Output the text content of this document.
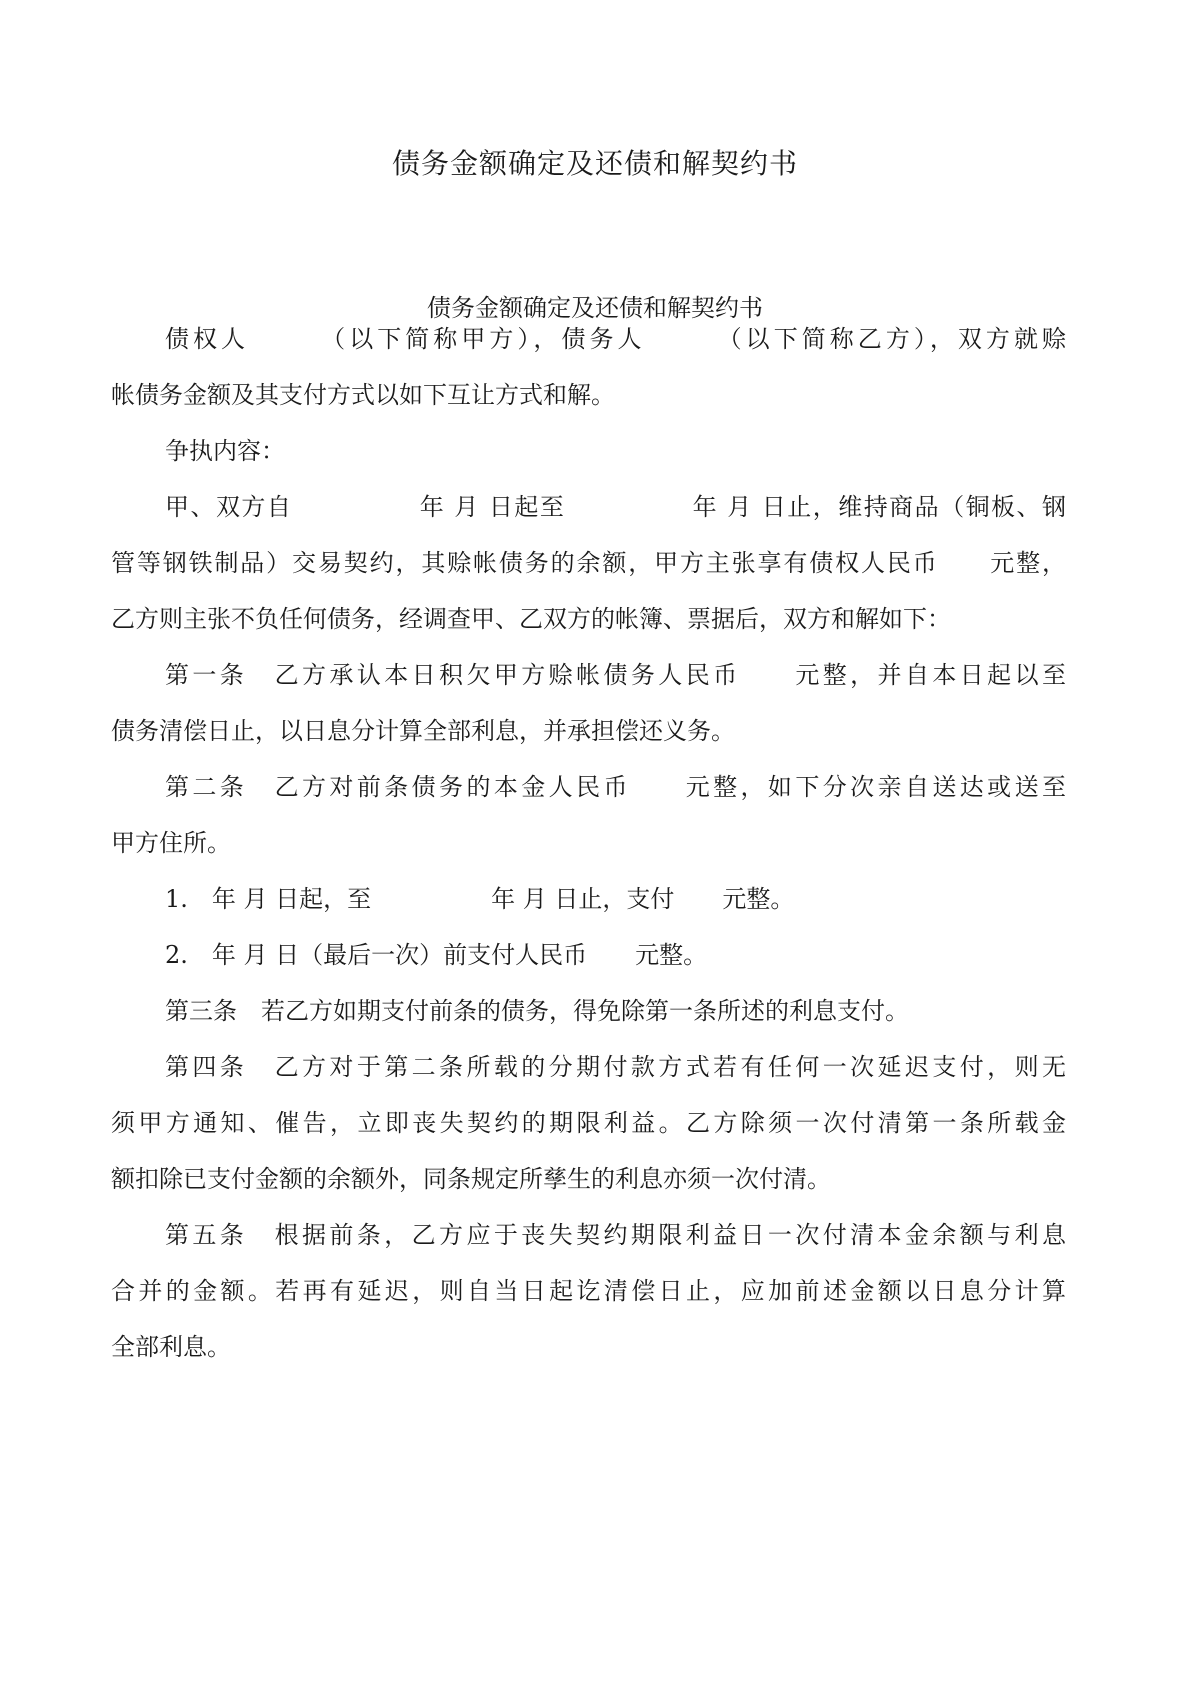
债务金额确定及还债和解契约书
债务金额确定及还债和解契约书
债权人　　　（以下简称甲方），债务人　　　（以下简称乙方），双方就赊
帐债务金额及其支付方式以如下互让方式和解。
争执内容：
甲、双方自　　　　　年 月 日起至　　　　　年 月 日止，维持商品（铜板、钢
管等钢铁制品）交易契约，其赊帐债务的余额，甲方主张享有债权人民币　　元整，
乙方则主张不负任何债务，经调查甲、乙双方的帐簿、票据后，双方和解如下：
第一条　乙方承认本日积欠甲方赊帐债务人民币　　元整，并自本日起以至
债务清偿日止，以日息分计算全部利息，并承担偿还义务。
第二条　乙方对前条债务的本金人民币　　元整，如下分次亲自送达或送至
甲方住所。
1.　年 月 日起，至　　　　　年 月 日止，支付　　元整。
2.　年 月 日（最后一次）前支付人民币　　元整。
第三条　若乙方如期支付前条的债务，得免除第一条所述的利息支付。
第四条　乙方对于第二条所载的分期付款方式若有任何一次延迟支付，则无
须甲方通知、催告，立即丧失契约的期限利益。乙方除须一次付清第一条所载金
额扣除已支付金额的余额外，同条规定所孳生的利息亦须一次付清。
第五条　根据前条，乙方应于丧失契约期限利益日一次付清本金余额与利息
合并的金额。若再有延迟，则自当日起讫清偿日止，应加前述金额以日息分计算
全部利息。
